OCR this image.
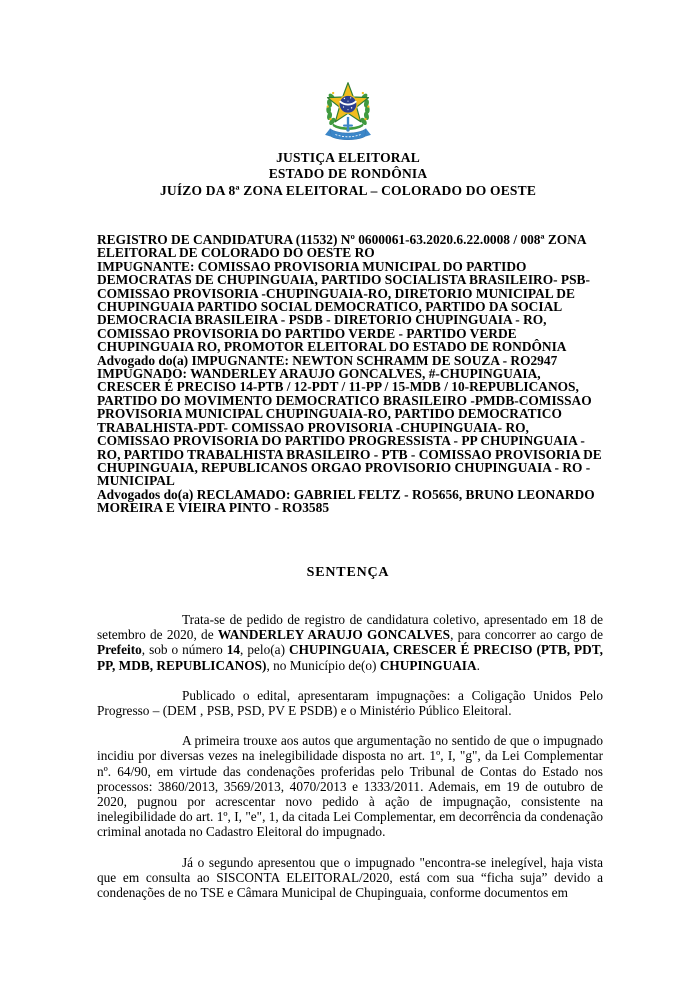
JUSTIÇA ELEITORAL
ESTADO DE RONDÔNIA
JUÍZO DA 8ª ZONA ELEITORAL – COLORADO DO OESTE

REGISTRO DE CANDIDATURA (11532) Nº 0600061-63.2020.6.22.0008 / 008ª ZONA ELEITORAL DE COLORADO DO OESTE RO

IMPUGNANTE: COMISSAO PROVISORIA MUNICIPAL DO PARTIDO DEMOCRATAS DE CHUPINGUAIA, PARTIDO SOCIALISTA BRASILEIRO- PSB- COMISSAO PROVISORIA -CHUPINGUAIA-RO, DIRETORIO MUNICIPAL DE CHUPINGUAIA PARTIDO SOCIAL DEMOCRATICO, PARTIDO DA SOCIAL DEMOCRACIA BRASILEIRA - PSDB - DIRETORIO CHUPINGUAIA - RO, COMISSAO PROVISORIA DO PARTIDO VERDE - PARTIDO VERDE CHUPINGUAIA RO, PROMOTOR ELEITORAL DO ESTADO DE RONDÔNIA

Advogado do(a) IMPUGNANTE: NEWTON SCHRAMM DE SOUZA - RO2947

IMPUGNADO: WANDERLEY ARAUJO GONCALVES, #-CHUPINGUAIA, CRESCER É PRECISO 14-PTB / 12-PDT / 11-PP / 15-MDB / 10-REPUBLICANOS, PARTIDO DO MOVIMENTO DEMOCRATICO BRASILEIRO -PMDB-COMISSAO PROVISORIA MUNICIPAL CHUPINGUAIA-RO, PARTIDO DEMOCRATICO TRABALHISTA-PDT- COMISSAO PROVISORIA -CHUPINGUAIA- RO, COMISSAO PROVISORIA DO PARTIDO PROGRESSISTA - PP CHUPINGUAIA - RO, PARTIDO TRABALHISTA BRASILEIRO - PTB - COMISSAO PROVISORIA DE CHUPINGUAIA, REPUBLICANOS ORGAO PROVISORIO CHUPINGUAIA - RO -MUNICIPAL

Advogados do(a) RECLAMADO: GABRIEL FELTZ - RO5656, BRUNO LEONARDO MOREIRA E VIEIRA PINTO - RO3585

SENTENÇA

Trata-se de pedido de registro de candidatura coletivo, apresentado em 18 de setembro de 2020, de WANDERLEY ARAUJO GONCALVES, para concorrer ao cargo de Prefeito, sob o número 14, pelo(a) CHUPINGUAIA, CRESCER É PRECISO (PTB, PDT, PP, MDB, REPUBLICANOS), no Município de(o) CHUPINGUAIA.

Publicado o edital, apresentaram impugnações: a Coligação Unidos Pelo Progresso – (DEM , PSB, PSD, PV E PSDB) e o Ministério Público Eleitoral.

A primeira trouxe aos autos que argumentação no sentido de que o impugnado incidiu por diversas vezes na inelegibilidade disposta no art. 1º, I, "g", da Lei Complementar nº. 64/90, em virtude das condenações proferidas pelo Tribunal de Contas do Estado nos processos: 3860/2013, 3569/2013, 4070/2013 e 1333/2011. Ademais, em 19 de outubro de 2020, pugnou por acrescentar novo pedido à ação de impugnação, consistente na inelegibilidade do art. 1º, I, "e", 1, da citada Lei Complementar, em decorrência da condenação criminal anotada no Cadastro Eleitoral do impugnado.

Já o segundo apresentou que o impugnado "encontra-se inelegível, haja vista que em consulta ao SISCONTA ELEITORAL/2020, está com sua “ficha suja” devido a condenações de no TSE e Câmara Municipal de Chupinguaia, conforme documentos em
